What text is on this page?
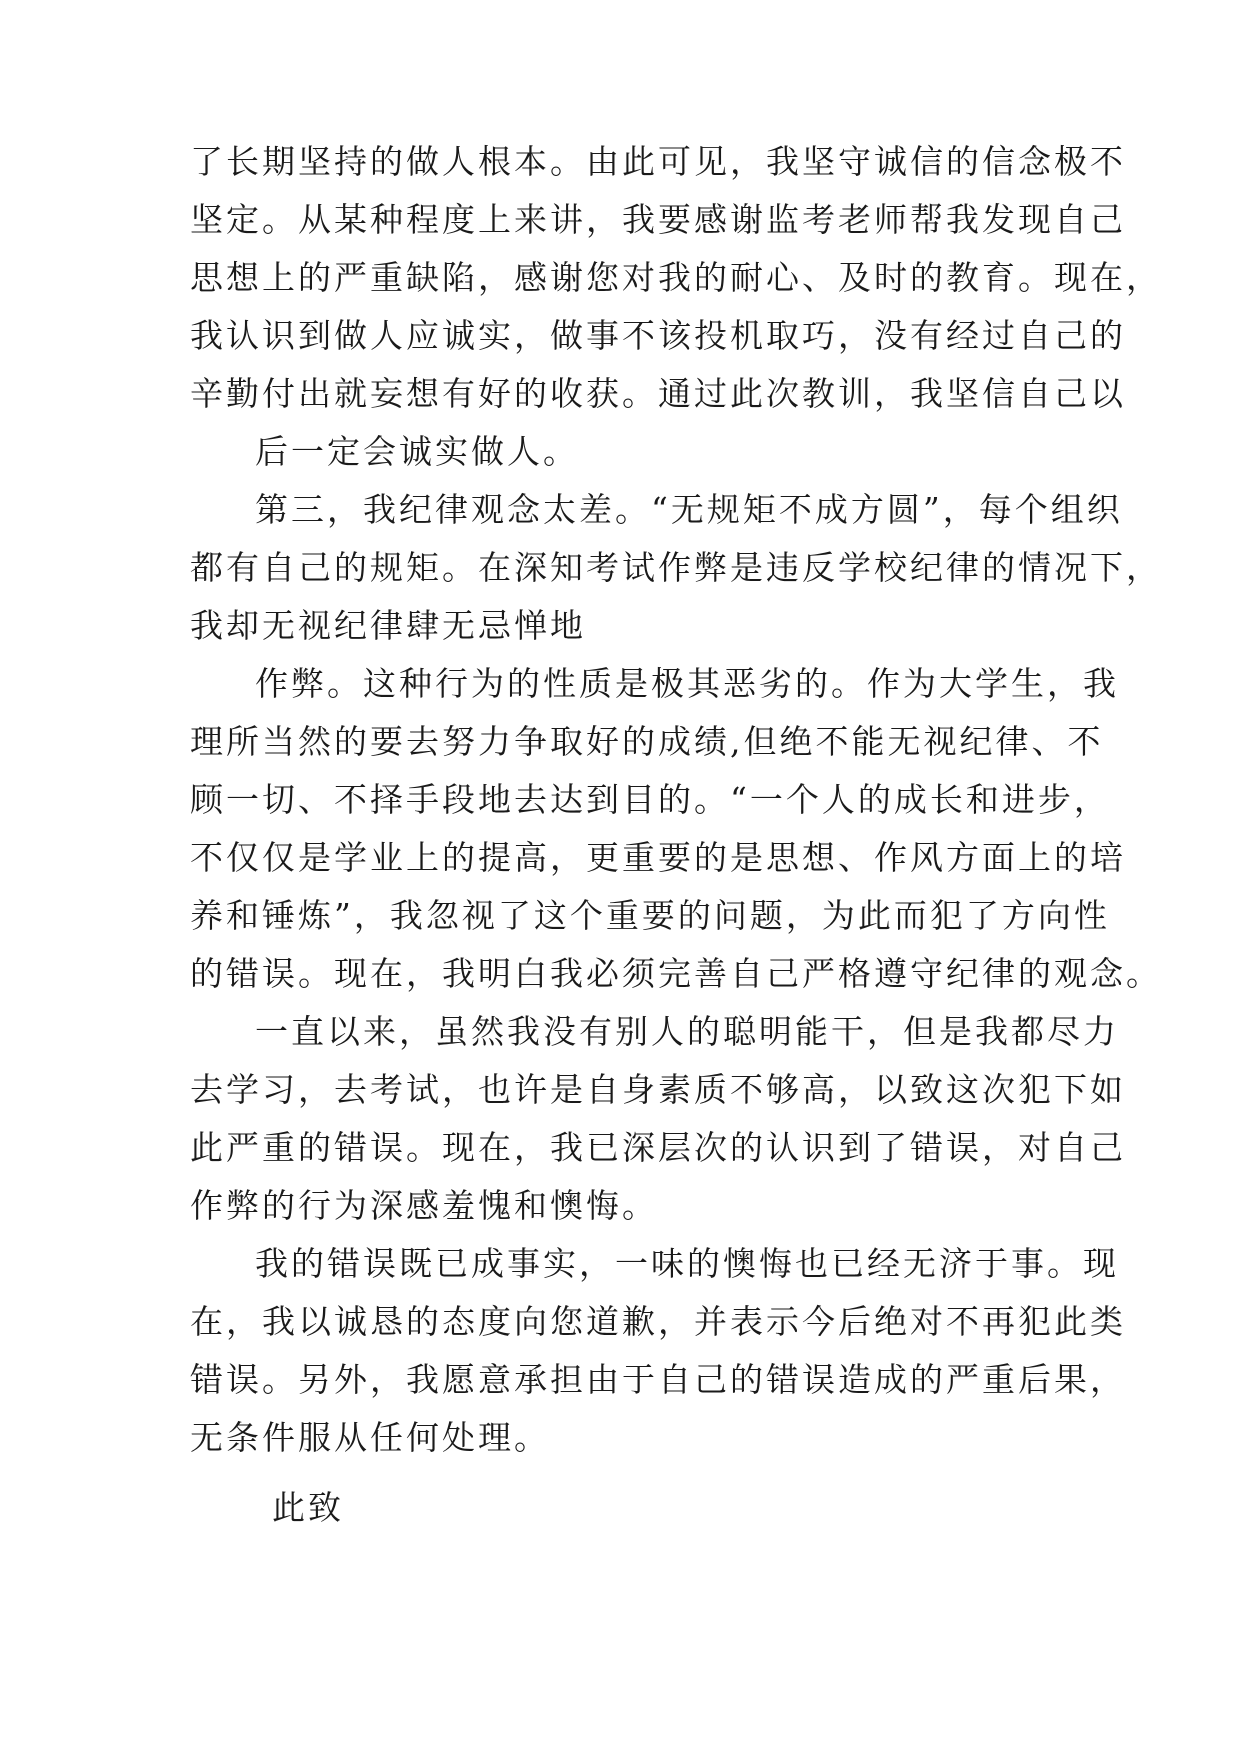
了长期坚持的做人根本。由此可见，我坚守诚信的信念极不
坚定。从某种程度上来讲，我要感谢监考老师帮我发现自己
思想上的严重缺陷，感谢您对我的耐心、及时的教育。现在，
我认识到做人应诚实，做事不该投机取巧，没有经过自己的
辛勤付出就妄想有好的收获。通过此次教训，我坚信自己以
后一定会诚实做人。
第三，我纪律观念太差。“无规矩不成方圆”，每个组织
都有自己的规矩。在深知考试作弊是违反学校纪律的情况下，
我却无视纪律肆无忌惮地
作弊。这种行为的性质是极其恶劣的。作为大学生，我
理所当然的要去努力争取好的成绩,但绝不能无视纪律、不
顾一切、不择手段地去达到目的。“一个人的成长和进步，
不仅仅是学业上的提高，更重要的是思想、作风方面上的培
养和锤炼”，我忽视了这个重要的问题，为此而犯了方向性
的错误。现在，我明白我必须完善自己严格遵守纪律的观念。
一直以来，虽然我没有别人的聪明能干，但是我都尽力
去学习，去考试，也许是自身素质不够高，以致这次犯下如
此严重的错误。现在，我已深层次的认识到了错误，对自己
作弊的行为深感羞愧和懊悔。
我的错误既已成事实，一味的懊悔也已经无济于事。现
在，我以诚恳的态度向您道歉，并表示今后绝对不再犯此类
错误。另外，我愿意承担由于自己的错误造成的严重后果，
无条件服从任何处理。
此致
